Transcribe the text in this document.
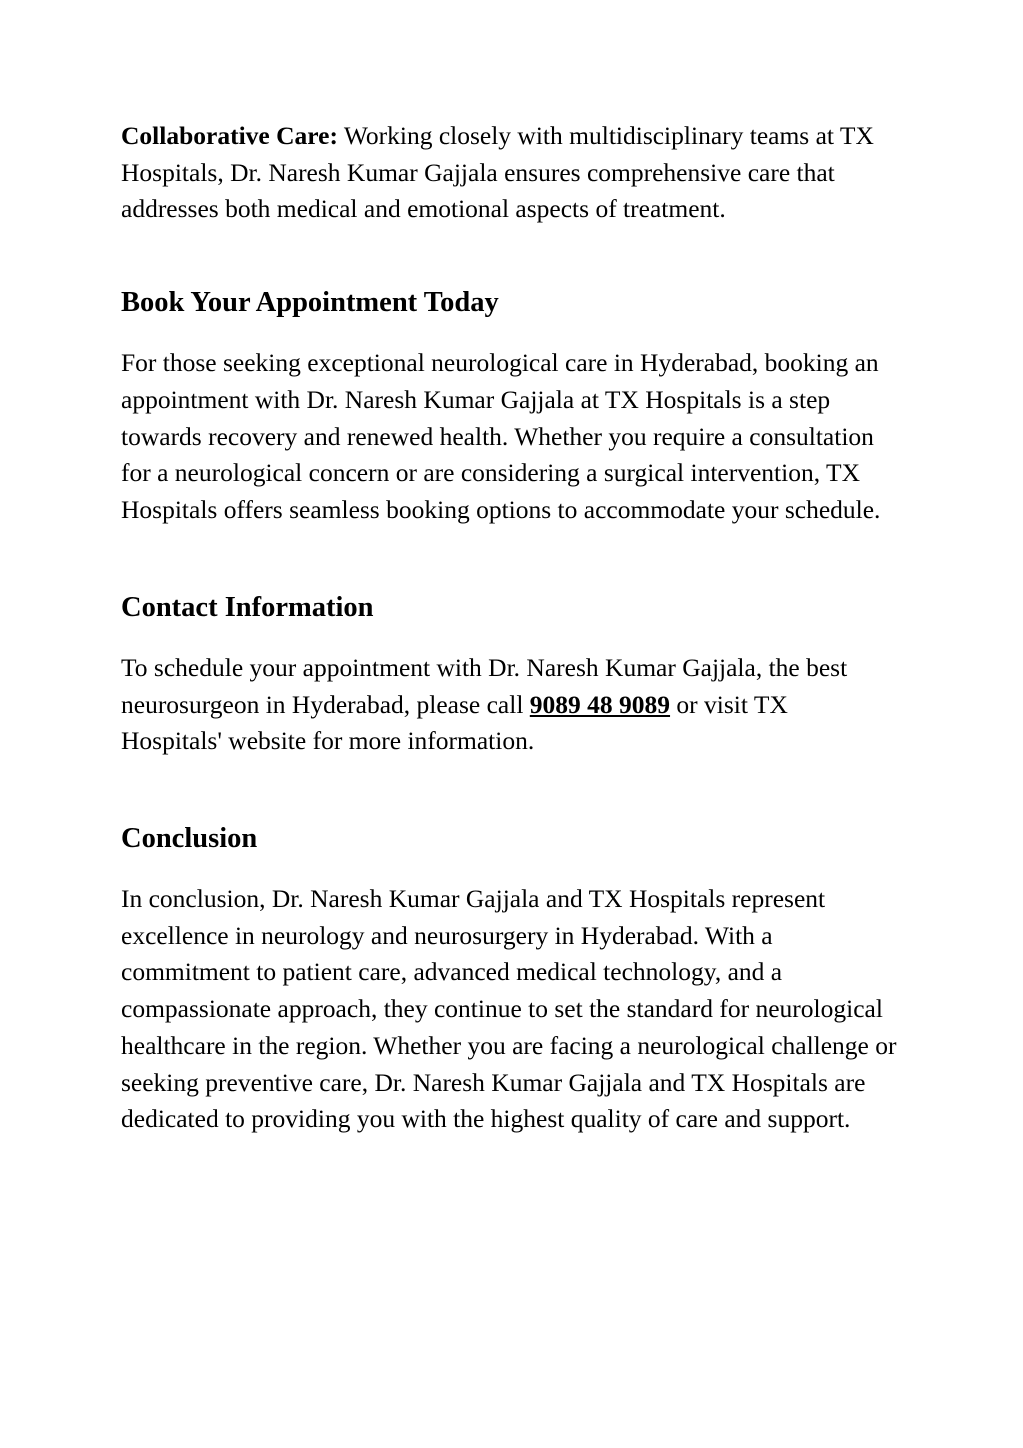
Collaborative Care: Working closely with multidisciplinary teams at TX Hospitals, Dr. Naresh Kumar Gajjala ensures comprehensive care that addresses both medical and emotional aspects of treatment.

Book Your Appointment Today

For those seeking exceptional neurological care in Hyderabad, booking an appointment with Dr. Naresh Kumar Gajjala at TX Hospitals is a step towards recovery and renewed health. Whether you require a consultation for a neurological concern or are considering a surgical intervention, TX Hospitals offers seamless booking options to accommodate your schedule.

Contact Information

To schedule your appointment with Dr. Naresh Kumar Gajjala, the best neurosurgeon in Hyderabad, please call 9089 48 9089 or visit TX Hospitals' website for more information.

Conclusion

In conclusion, Dr. Naresh Kumar Gajjala and TX Hospitals represent excellence in neurology and neurosurgery in Hyderabad. With a commitment to patient care, advanced medical technology, and a compassionate approach, they continue to set the standard for neurological healthcare in the region. Whether you are facing a neurological challenge or seeking preventive care, Dr. Naresh Kumar Gajjala and TX Hospitals are dedicated to providing you with the highest quality of care and support.
